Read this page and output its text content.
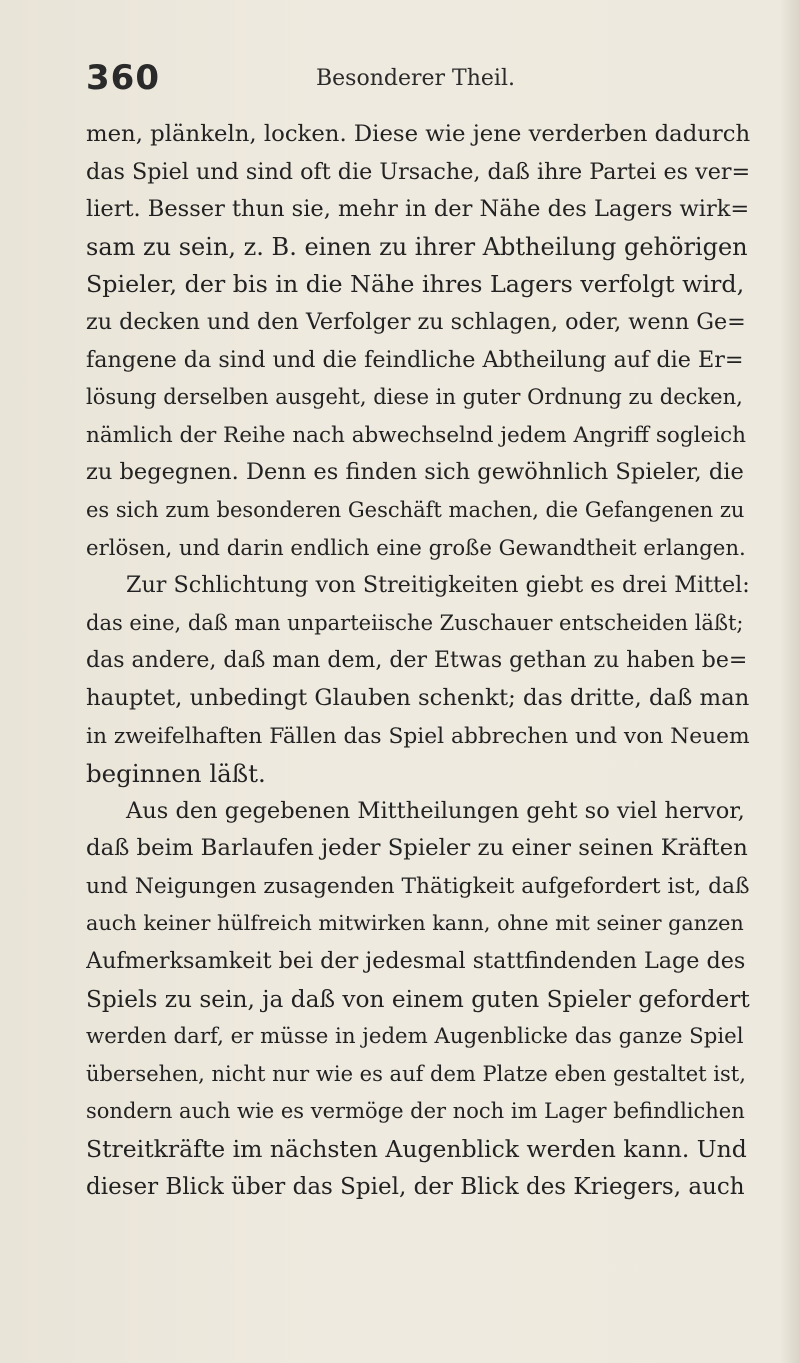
360	Besonderer Theil.
men, plänkeln, locken. Diese wie jene verderben dadurch
das Spiel und sind oft die Ursache, daß ihre Partei es ver=
liert. Besser thun sie, mehr in der Nähe des Lagers wirk=
sam zu sein, z. B. einen zu ihrer Abtheilung gehörigen
Spieler, der bis in die Nähe ihres Lagers verfolgt wird,
zu decken und den Verfolger zu schlagen, oder, wenn Ge=
fangene da sind und die feindliche Abtheilung auf die Er=
lösung derselben ausgeht, diese in guter Ordnung zu decken,
nämlich der Reihe nach abwechselnd jedem Angriff sogleich
zu begegnen. Denn es finden sich gewöhnlich Spieler, die
es sich zum besonderen Geschäft machen, die Gefangenen zu
erlösen, und darin endlich eine große Gewandtheit erlangen.
Zur Schlichtung von Streitigkeiten giebt es drei Mittel:
das eine, daß man unparteiische Zuschauer entscheiden läßt;
das andere, daß man dem, der Etwas gethan zu haben be=
hauptet, unbedingt Glauben schenkt; das dritte, daß man
in zweifelhaften Fällen das Spiel abbrechen und von Neuem
beginnen läßt.
Aus den gegebenen Mittheilungen geht so viel hervor,
daß beim Barlaufen jeder Spieler zu einer seinen Kräften
und Neigungen zusagenden Thätigkeit aufgefordert ist, daß
auch keiner hülfreich mitwirken kann, ohne mit seiner ganzen
Aufmerksamkeit bei der jedesmal stattfindenden Lage des
Spiels zu sein, ja daß von einem guten Spieler gefordert
werden darf, er müsse in jedem Augenblicke das ganze Spiel
übersehen, nicht nur wie es auf dem Platze eben gestaltet ist,
sondern auch wie es vermöge der noch im Lager befindlichen
Streitkräfte im nächsten Augenblick werden kann. Und
dieser Blick über das Spiel, der Blick des Kriegers, auch
